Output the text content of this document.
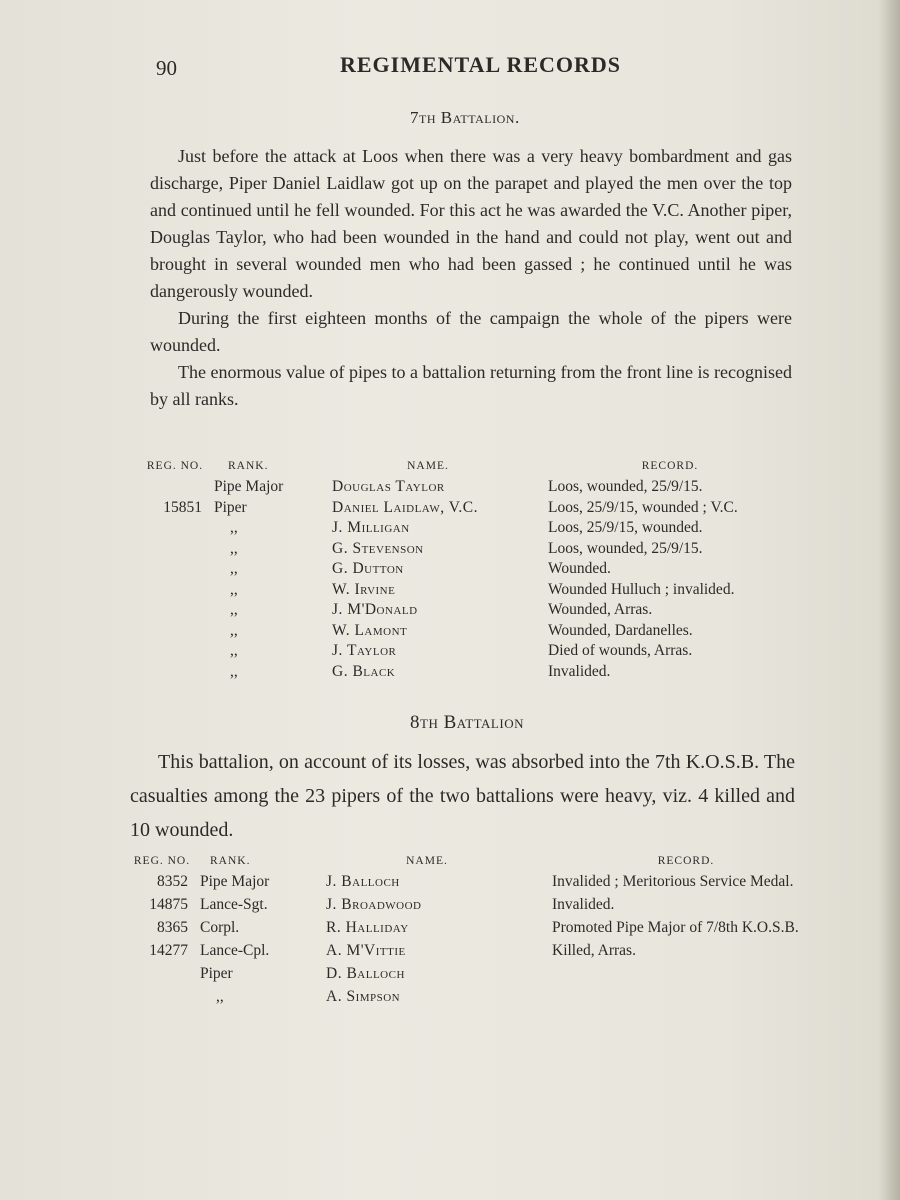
90	REGIMENTAL RECORDS
7th Battalion.

Just before the attack at Loos when there was a very heavy bombardment and gas discharge, Piper Daniel Laidlaw got up on the parapet and played the men over the top and continued until he fell wounded. For this act he was awarded the V.C. Another piper, Douglas Taylor, who had been wounded in the hand and could not play, went out and brought in several wounded men who had been gassed ; he continued until he was dangerously wounded.

During the first eighteen months of the campaign the whole of the pipers were wounded.

The enormous value of pipes to a battalion returning from the front line is recognised by all ranks.

REG. NO.	RANK.	NAME.	RECORD.
	Pipe Major	Douglas Taylor	Loos, wounded, 25/9/15.
15851	Piper	Daniel Laidlaw, V.C.	Loos, 25/9/15, wounded ; V.C.
	,,	J. Milligan	Loos, 25/9/15, wounded.
	,,	G. Stevenson	Loos, wounded, 25/9/15.
	,,	G. Dutton	Wounded.
	,,	W. Irvine	Wounded Hulluch ; invalided.
	,,	J. M'Donald	Wounded, Arras.
	,,	W. Lamont	Wounded, Dardanelles.
	,,	J. Taylor	Died of wounds, Arras.
	,,	G. Black	Invalided.
8th Battalion

This battalion, on account of its losses, was absorbed into the 7th K.O.S.B. The casualties among the 23 pipers of the two battalions were heavy, viz. 4 killed and 10 wounded.

REG. NO.	RANK.	NAME.	RECORD.
8352	Pipe Major	J. Balloch	Invalided ; Meritorious Service Medal.
14875	Lance-Sgt.	J. Broadwood	Invalided.
8365	Corpl.	R. Halliday	Promoted Pipe Major of 7/8th K.O.S.B.
14277	Lance-Cpl.	A. M'Vittie	Killed, Arras.
	Piper	D. Balloch	
	,,	A. Simpson	
